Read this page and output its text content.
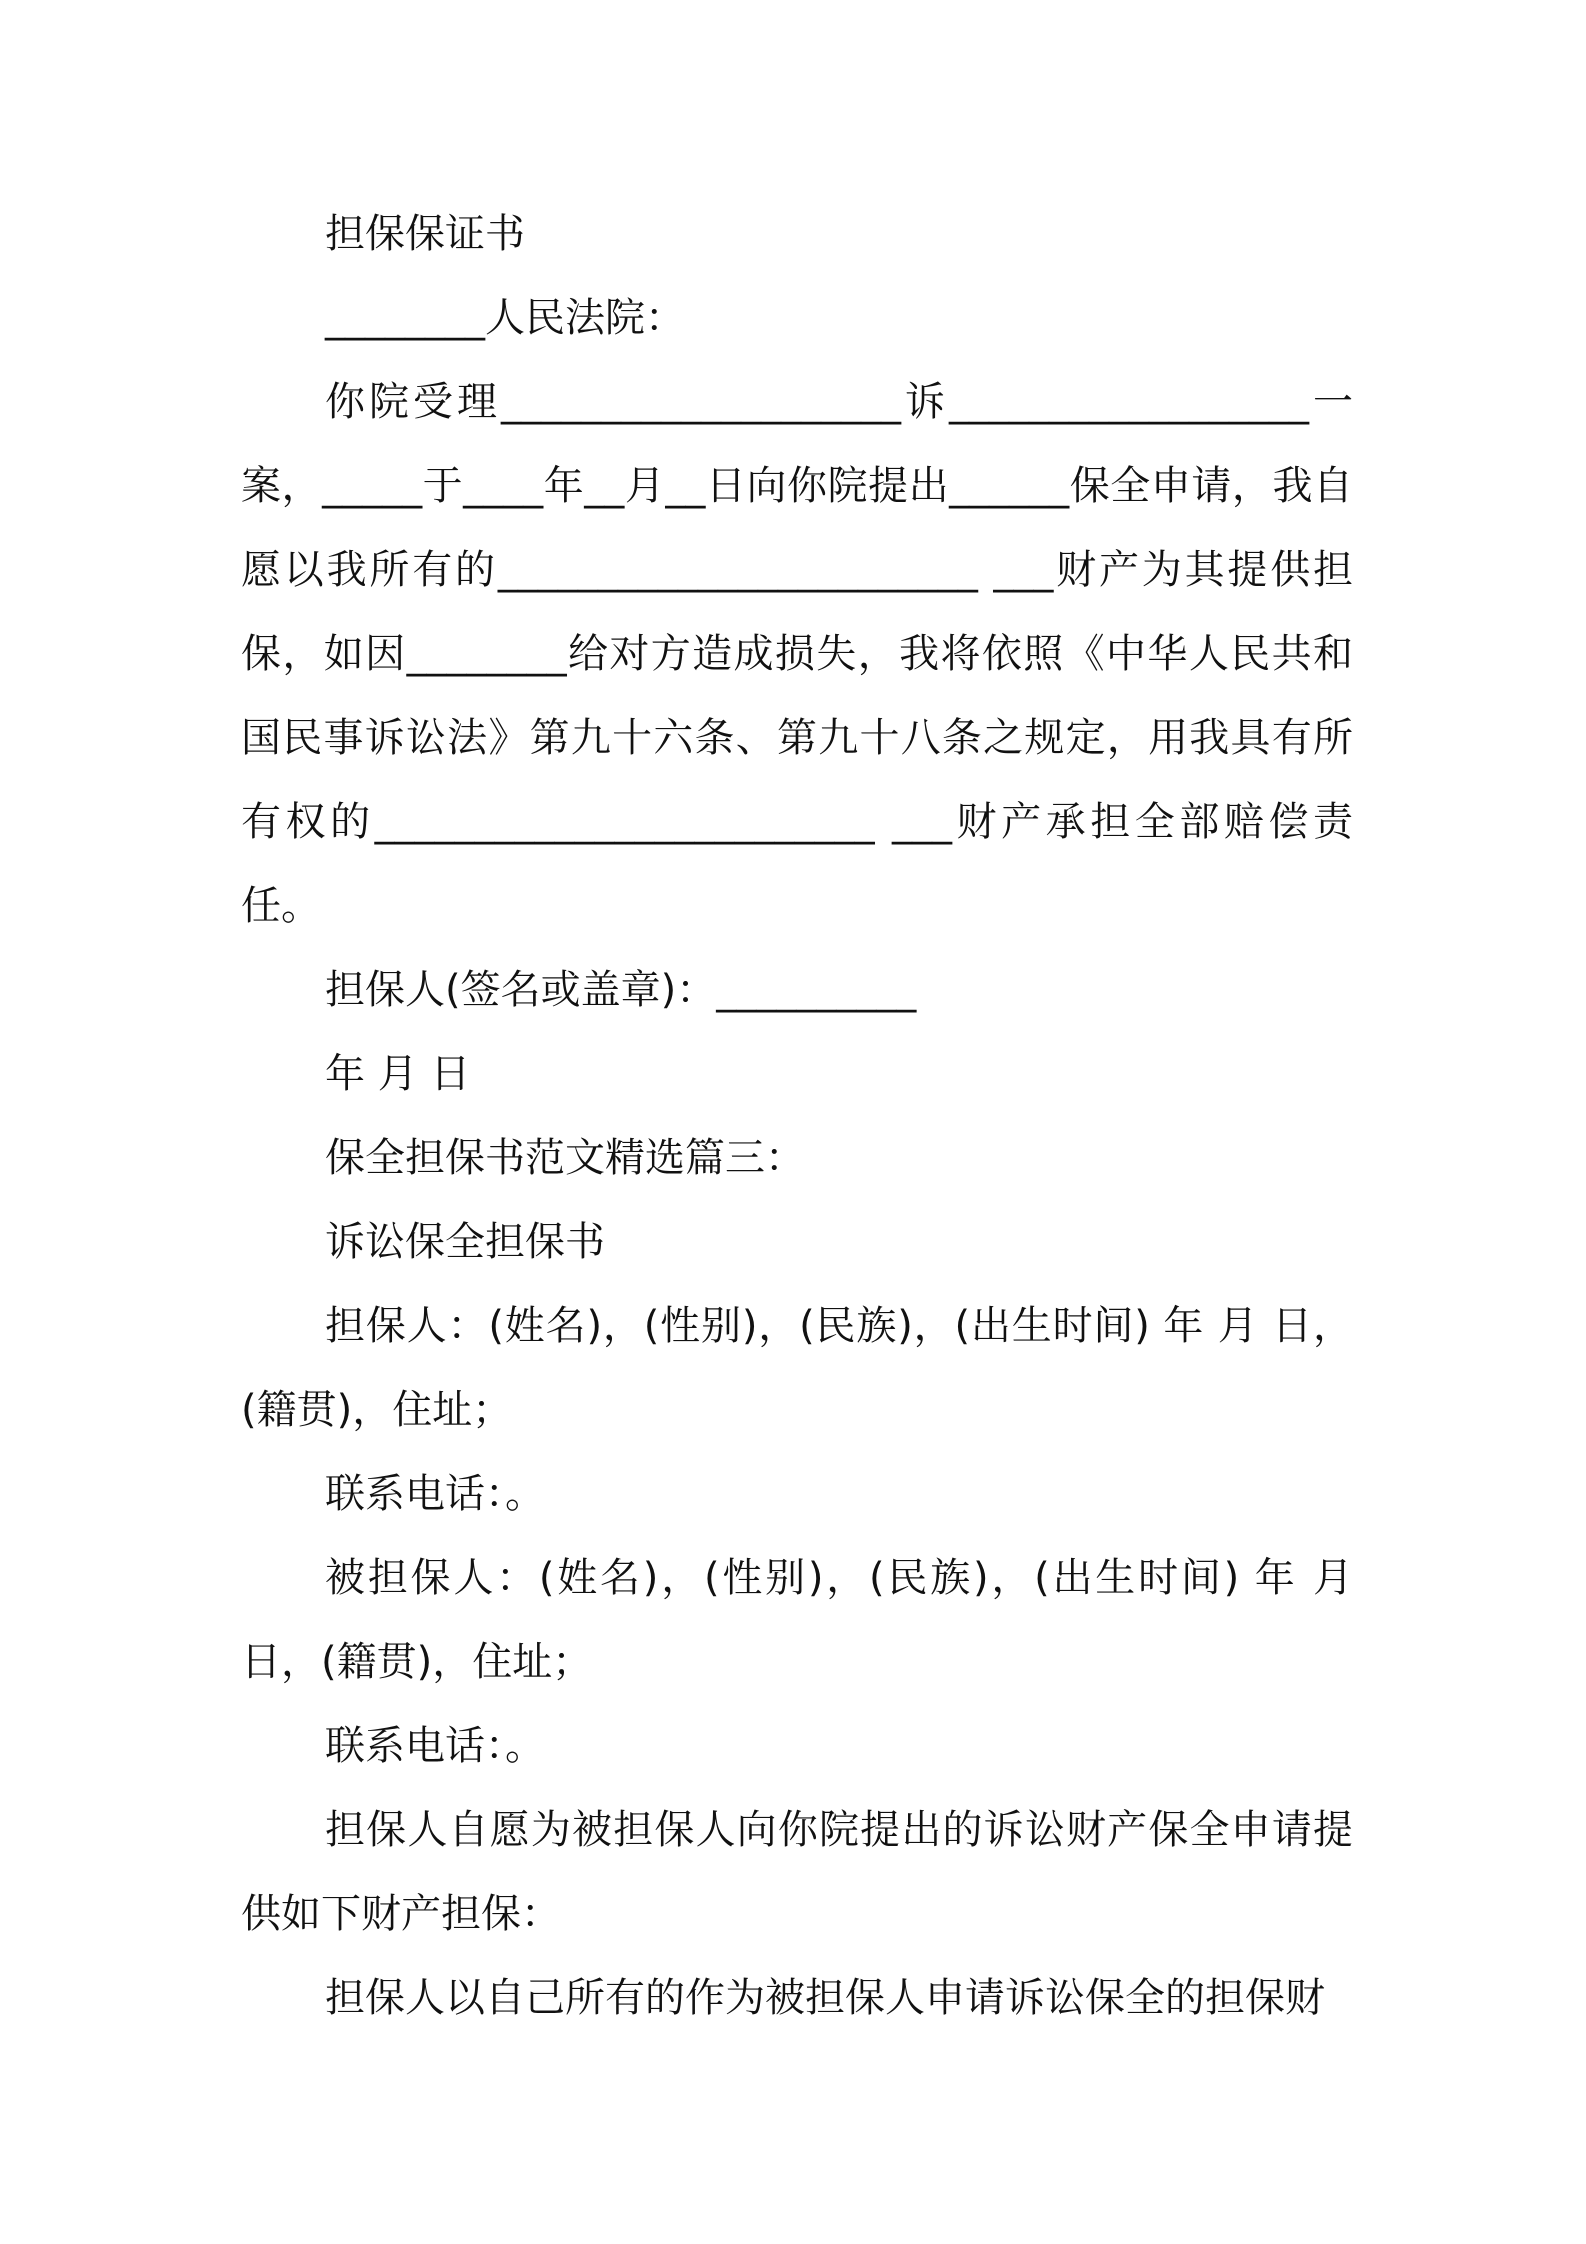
担保保证书

________人民法院：

你院受理____________________诉__________________一案，_____于____年__月__日向你院提出______保全申请，我自愿以我所有的________________________ ___财产为其提供担保，如因________给对方造成损失，我将依照《中华人民共和国民事诉讼法》第九十六条、第九十八条之规定，用我具有所有权的_________________________ ___财产承担全部赔偿责任。

担保人(签名或盖章)：__________

年 月 日

保全担保书范文精选篇三：

诉讼保全担保书

担保人：(姓名)，(性别)，(民族)，(出生时间) 年 月 日，(籍贯)，住址；

联系电话：。

被担保人：(姓名)，(性别)，(民族)，(出生时间) 年 月 日，(籍贯)，住址；

联系电话：。

担保人自愿为被担保人向你院提出的诉讼财产保全申请提供如下财产担保：

担保人以自己所有的作为被担保人申请诉讼保全的担保财
